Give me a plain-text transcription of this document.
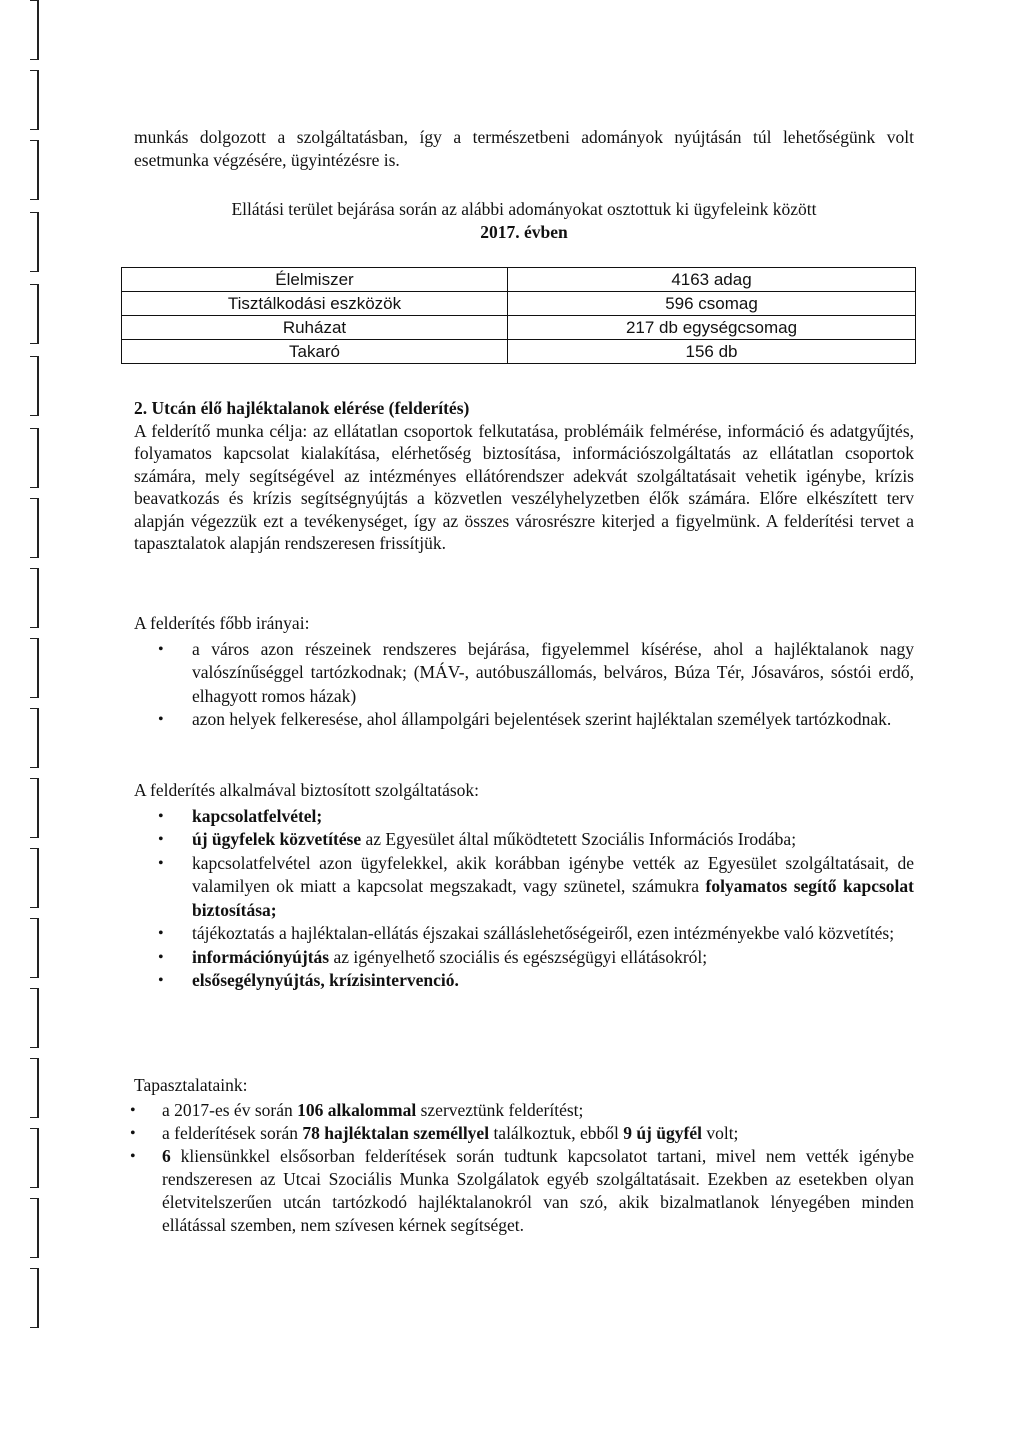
munkás dolgozott a szolgáltatásban, így a természetbeni adományok nyújtásán túl lehetőségünk volt esetmunka végzésére, ügyintézésre is.

Ellátási terület bejárása során az alábbi adományokat osztottuk ki ügyfeleink között

2017. évben

Élelmiszer	4163 adag
Tisztálkodási eszközök	596 csomag
Ruházat	217 db egységcsomag
Takaró	156 db

2. Utcán élő hajléktalanok elérése (felderítés)

A felderítő munka célja: az ellátatlan csoportok felkutatása, problémáik felmérése, információ és adatgyűjtés, folyamatos kapcsolat kialakítása, elérhetőség biztosítása, információszolgáltatás az ellátatlan csoportok számára, mely segítségével az intézményes ellátórendszer adekvát szolgáltatásait vehetik igénybe, krízis beavatkozás és krízis segítségnyújtás a közvetlen veszélyhelyzetben élők számára. Előre elkészített terv alapján végezzük ezt a tevékenységet, így az összes városrészre kiterjed a figyelmünk. A felderítési tervet a tapasztalatok alapján rendszeresen frissítjük.

A felderítés főbb irányai:

• a város azon részeinek rendszeres bejárása, figyelemmel kísérése, ahol a hajléktalanok nagy valószínűséggel tartózkodnak; (MÁV-, autóbuszállomás, belváros, Búza Tér, Jósaváros, sóstói erdő, elhagyott romos házak)
• azon helyek felkeresése, ahol állampolgári bejelentések szerint hajléktalan személyek tartózkodnak.

A felderítés alkalmával biztosított szolgáltatások:

• kapcsolatfelvétel;
• új ügyfelek közvetítése az Egyesület által működtetett Szociális Információs Irodába;
• kapcsolatfelvétel azon ügyfelekkel, akik korábban igénybe vették az Egyesület szolgáltatásait, de valamilyen ok miatt a kapcsolat megszakadt, vagy szünetel, számukra folyamatos segítő kapcsolat biztosítása;
• tájékoztatás a hajléktalan-ellátás éjszakai szálláslehetőségeiről, ezen intézményekbe való közvetítés;
• információnyújtás az igényelhető szociális és egészségügyi ellátásokról;
• elsősegélynyújtás, krízisintervenció.

Tapasztalataink:

• a 2017-es év során 106 alkalommal szerveztünk felderítést;
• a felderítések során 78 hajléktalan személlyel találkoztuk, ebből 9 új ügyfél volt;
• 6 kliensünkkel elsősorban felderítések során tudtunk kapcsolatot tartani, mivel nem vették igénybe rendszeresen az Utcai Szociális Munka Szolgálatok egyéb szolgáltatásait. Ezekben az esetekben olyan életvitelszerűen utcán tartózkodó hajléktalanokról van szó, akik bizalmatlanok lényegében minden ellátással szemben, nem szívesen kérnek segítséget.
